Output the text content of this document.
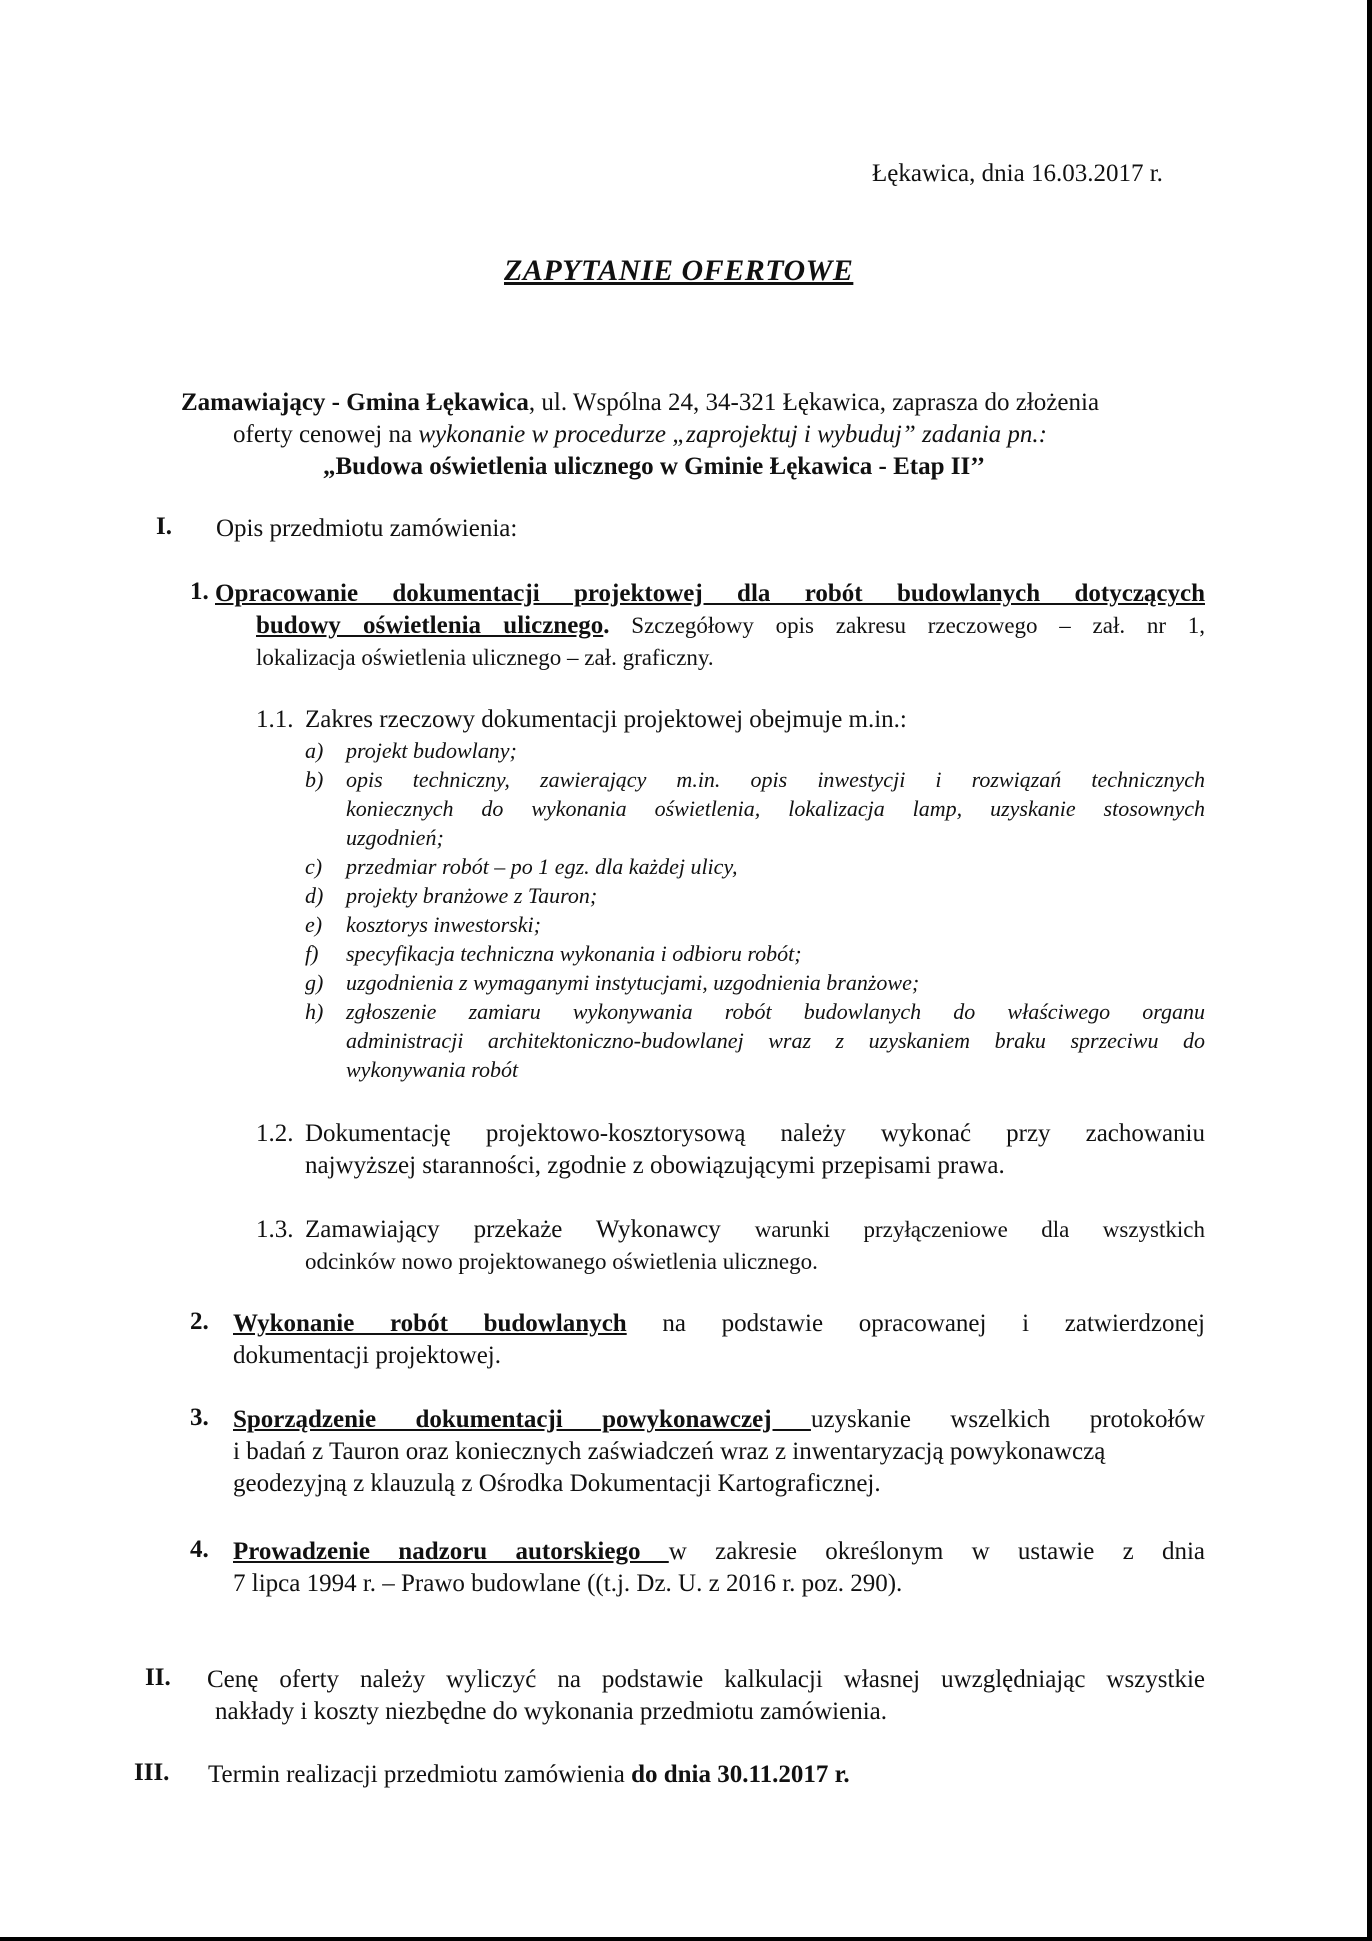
Łękawica, dnia 16.03.2017 r.
ZAPYTANIE OFERTOWE
Zamawiający - Gmina Łękawica, ul. Wspólna 24, 34-321 Łękawica, zaprasza do złożenia
oferty cenowej na wykonanie w procedurze „zaprojektuj i wybuduj” zadania pn.:
„Budowa oświetlenia ulicznego w Gminie Łękawica - Etap II’’
I. Opis przedmiotu zamówienia:
1. Opracowanie dokumentacji projektowej dla robót budowlanych dotyczących
budowy oświetlenia ulicznego. Szczegółowy opis zakresu rzeczowego – zał. nr 1,
lokalizacja oświetlenia ulicznego – zał. graficzny.
1.1. Zakres rzeczowy dokumentacji projektowej obejmuje m.in.:
a) projekt budowlany;
b) opis techniczny, zawierający m.in. opis inwestycji i rozwiązań technicznych
koniecznych do wykonania oświetlenia, lokalizacja lamp, uzyskanie stosownych
uzgodnień;
c) przedmiar robót – po 1 egz. dla każdej ulicy,
d) projekty branżowe z Tauron;
e) kosztorys inwestorski;
f) specyfikacja techniczna wykonania i odbioru robót;
g) uzgodnienia z wymaganymi instytucjami, uzgodnienia branżowe;
h) zgłoszenie zamiaru wykonywania robót budowlanych do właściwego organu
administracji architektoniczno-budowlanej wraz z uzyskaniem braku sprzeciwu do
wykonywania robót
1.2. Dokumentację projektowo-kosztorysową należy wykonać przy zachowaniu
najwyższej staranności, zgodnie z obowiązującymi przepisami prawa.
1.3. Zamawiający przekaże Wykonawcy warunki przyłączeniowe dla wszystkich
odcinków nowo projektowanego oświetlenia ulicznego.
2. Wykonanie robót budowlanych na podstawie opracowanej i zatwierdzonej
dokumentacji projektowej.
3. Sporządzenie dokumentacji powykonawczej uzyskanie wszelkich protokołów
i badań z Tauron oraz koniecznych zaświadczeń wraz z inwentaryzacją powykonawczą
geodezyjną z klauzulą z Ośrodka Dokumentacji Kartograficznej.
4. Prowadzenie nadzoru autorskiego w zakresie określonym w ustawie z dnia
7 lipca 1994 r. – Prawo budowlane ((t.j. Dz. U. z 2016 r. poz. 290).
II. Cenę oferty należy wyliczyć na podstawie kalkulacji własnej uwzględniając wszystkie
nakłady i koszty niezbędne do wykonania przedmiotu zamówienia.
III. Termin realizacji przedmiotu zamówienia do dnia 30.11.2017 r.
